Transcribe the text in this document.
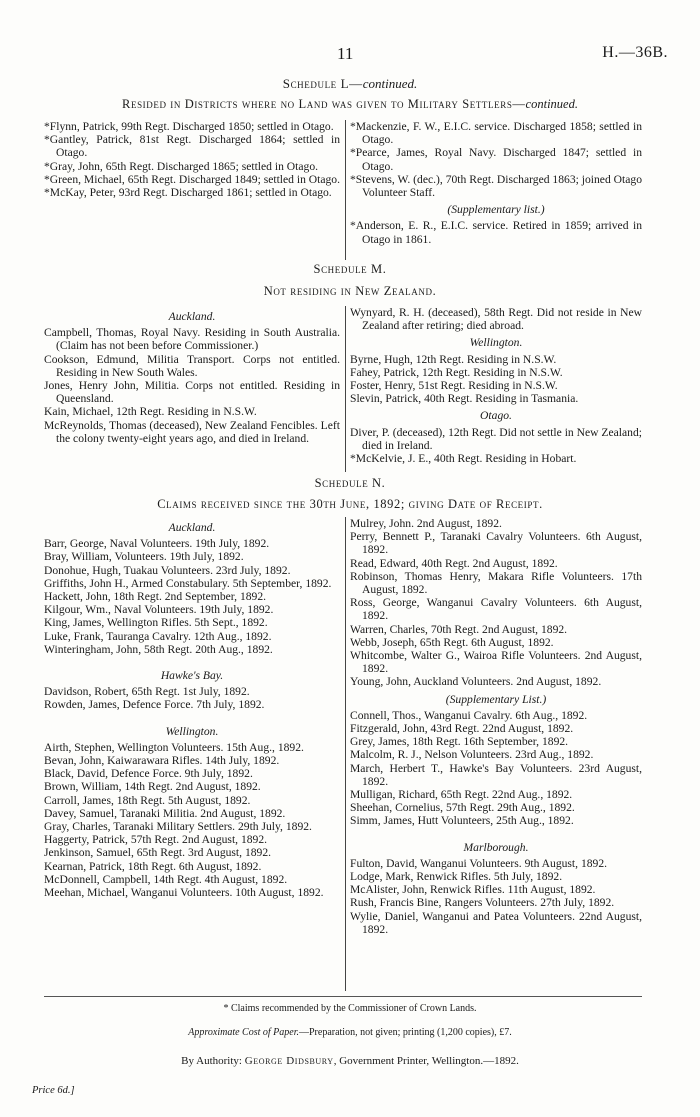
11	H.—36B.
Schedule L—continued.
Resided in Districts where no Land was given to Military Settlers—continued.

*Flynn, Patrick, 99th Regt. Discharged 1850; settled in Otago.

*Gantley, Patrick, 81st Regt. Discharged 1864; settled in Otago.

*Gray, John, 65th Regt. Discharged 1865; settled in Otago.

*Green, Michael, 65th Regt. Discharged 1849; settled in Otago.

*McKay, Peter, 93rd Regt. Discharged 1861; settled in Otago.

*Mackenzie, F. W., E.I.C. service. Discharged 1858; settled in Otago.

*Pearce, James, Royal Navy. Discharged 1847; settled in Otago.

*Stevens, W. (dec.), 70th Regt. Discharged 1863; joined Otago Volunteer Staff.

(Supplementary list.)

*Anderson, E. R., E.I.C. service. Retired in 1859; arrived in Otago in 1861.

Schedule M.
Not residing in New Zealand.
Auckland.

Campbell, Thomas, Royal Navy. Residing in South Australia. (Claim has not been before Commissioner.)

Cookson, Edmund, Militia Transport. Corps not entitled. Residing in New South Wales.

Jones, Henry John, Militia. Corps not entitled. Residing in Queensland.

Kain, Michael, 12th Regt. Residing in N.S.W.

McReynolds, Thomas (deceased), New Zealand Fencibles. Left the colony twenty-eight years ago, and died in Ireland.

Wynyard, R. H. (deceased), 58th Regt. Did not reside in New Zealand after retiring; died abroad.

Wellington.

Byrne, Hugh, 12th Regt. Residing in N.S.W.

Fahey, Patrick, 12th Regt. Residing in N.S.W.

Foster, Henry, 51st Regt. Residing in N.S.W.

Slevin, Patrick, 40th Regt. Residing in Tasmania.

Otago.

Diver, P. (deceased), 12th Regt. Did not settle in New Zealand; died in Ireland.

*McKelvie, J. E., 40th Regt. Residing in Hobart.

Schedule N.
Claims received since the 30th June, 1892; giving Date of Receipt.
Auckland.

Barr, George, Naval Volunteers. 19th July, 1892.

Bray, William, Volunteers. 19th July, 1892.

Donohue, Hugh, Tuakau Volunteers. 23rd July, 1892.

Griffiths, John H., Armed Constabulary. 5th September, 1892.

Hackett, John, 18th Regt. 2nd September, 1892.

Kilgour, Wm., Naval Volunteers. 19th July, 1892.

King, James, Wellington Rifles. 5th Sept., 1892.

Luke, Frank, Tauranga Cavalry. 12th Aug., 1892.

Winteringham, John, 58th Regt. 20th Aug., 1892.

Hawke's Bay.

Davidson, Robert, 65th Regt. 1st July, 1892.

Rowden, James, Defence Force. 7th July, 1892.

Wellington.

Airth, Stephen, Wellington Volunteers. 15th Aug., 1892.

Bevan, John, Kaiwarawara Rifles. 14th July, 1892.

Black, David, Defence Force. 9th July, 1892.

Brown, William, 14th Regt. 2nd August, 1892.

Carroll, James, 18th Regt. 5th August, 1892.

Davey, Samuel, Taranaki Militia. 2nd August, 1892.

Gray, Charles, Taranaki Military Settlers. 29th July, 1892.

Haggerty, Patrick, 57th Regt. 2nd August, 1892.

Jenkinson, Samuel, 65th Regt. 3rd August, 1892.

Kearnan, Patrick, 18th Regt. 6th August, 1892.

McDonnell, Campbell, 14th Regt. 4th August, 1892.

Meehan, Michael, Wanganui Volunteers. 10th August, 1892.

Mulrey, John. 2nd August, 1892.

Perry, Bennett P., Taranaki Cavalry Volunteers. 6th August, 1892.

Read, Edward, 40th Regt. 2nd August, 1892.

Robinson, Thomas Henry, Makara Rifle Volunteers. 17th August, 1892.

Ross, George, Wanganui Cavalry Volunteers. 6th August, 1892.

Warren, Charles, 70th Regt. 2nd August, 1892.

Webb, Joseph, 65th Regt. 6th August, 1892.

Whitcombe, Walter G., Wairoa Rifle Volunteers. 2nd August, 1892.

Young, John, Auckland Volunteers. 2nd August, 1892.

(Supplementary List.)

Connell, Thos., Wanganui Cavalry. 6th Aug., 1892.

Fitzgerald, John, 43rd Regt. 22nd August, 1892.

Grey, James, 18th Regt. 16th September, 1892.

Malcolm, R. J., Nelson Volunteers. 23rd Aug., 1892.

March, Herbert T., Hawke's Bay Volunteers. 23rd August, 1892.

Mulligan, Richard, 65th Regt. 22nd Aug., 1892.

Sheehan, Cornelius, 57th Regt. 29th Aug., 1892.

Simm, James, Hutt Volunteers, 25th Aug., 1892.

Marlborough.

Fulton, David, Wanganui Volunteers. 9th August, 1892.

Lodge, Mark, Renwick Rifles. 5th July, 1892.

McAlister, John, Renwick Rifles. 11th August, 1892.

Rush, Francis Bine, Rangers Volunteers. 27th July, 1892.

Wylie, Daniel, Wanganui and Patea Volunteers. 22nd August, 1892.

* Claims recommended by the Commissioner of Crown Lands.
Approximate Cost of Paper.—Preparation, not given; printing (1,200 copies), £7.
By Authority: George Didsbury, Government Printer, Wellington.—1892.
Price 6d.]
